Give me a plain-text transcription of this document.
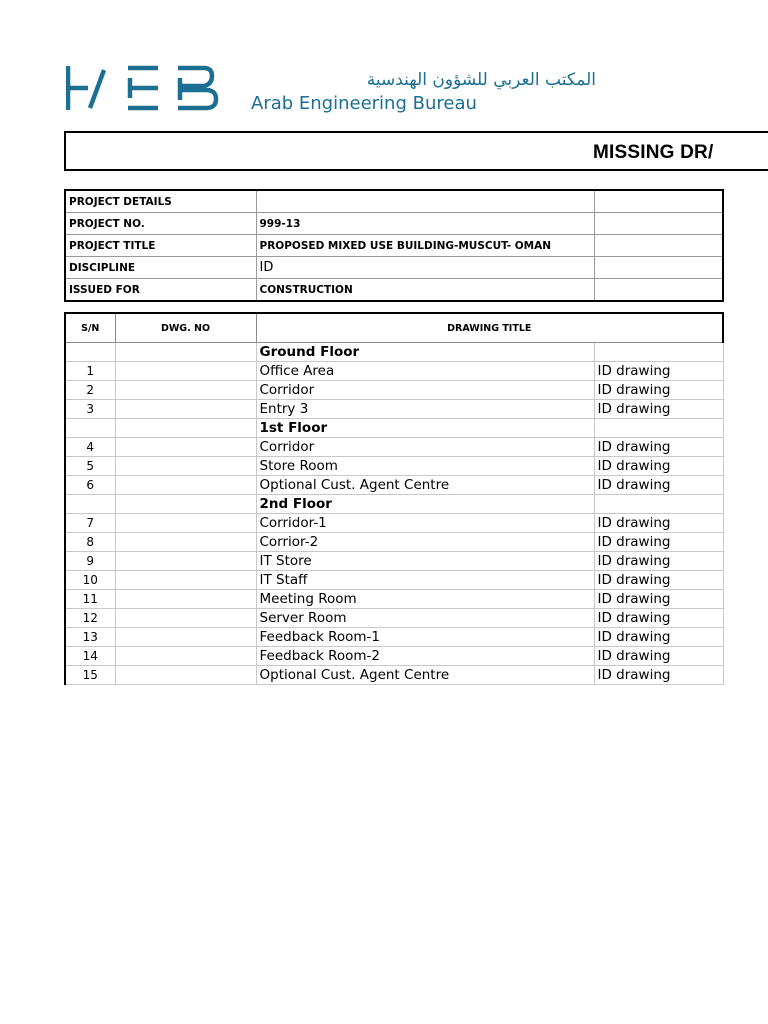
المكتب العربي للشؤون الهندسية
Arab Engineering Bureau
MISSING DR/
PROJECT DETAILS		
PROJECT NO.	999-13	
PROJECT TITLE	PROPOSED MIXED USE BUILDING-MUSCUT- OMAN	
DISCIPLINE	ID	
ISSUED FOR	CONSTRUCTION	
S/N	DWG. NO	DRAWING TITLE	
		Ground Floor	
1		Office Area	ID drawing
2		Corridor	ID drawing
3		Entry 3	ID drawing
		1st Floor	
4		Corridor	ID drawing
5		Store Room	ID drawing
6		Optional Cust. Agent Centre	ID drawing
		2nd Floor	
7		Corridor-1	ID drawing
8		Corrior-2	ID drawing
9		IT Store	ID drawing
10		IT Staff	ID drawing
11		Meeting Room	ID drawing
12		Server Room	ID drawing
13		Feedback Room-1	ID drawing
14		Feedback Room-2	ID drawing
15		Optional Cust. Agent Centre	ID drawing
